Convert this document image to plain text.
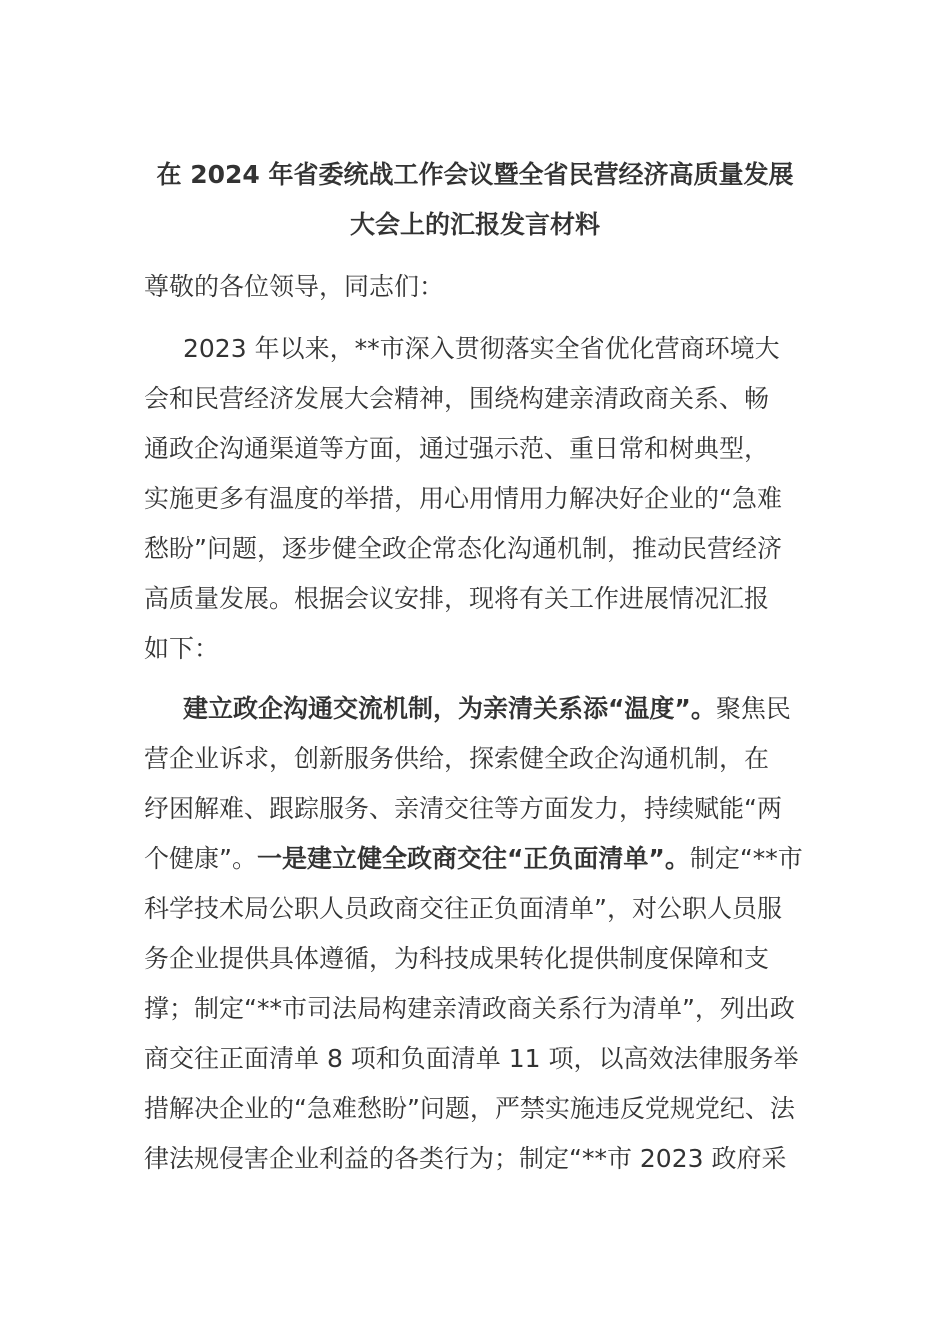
在 2024 年省委统战工作会议暨全省民营经济高质量发展
大会上的汇报发言材料
尊敬的各位领导，同志们：
2023 年以来，**市深入贯彻落实全省优化营商环境大
会和民营经济发展大会精神，围绕构建亲清政商关系、畅
通政企沟通渠道等方面，通过强示范、重日常和树典型，
实施更多有温度的举措，用心用情用力解决好企业的“急难
愁盼”问题，逐步健全政企常态化沟通机制，推动民营经济
高质量发展。根据会议安排，现将有关工作进展情况汇报
如下：
建立政企沟通交流机制，为亲清关系添“温度”。聚焦民
营企业诉求，创新服务供给，探索健全政企沟通机制，在
纾困解难、跟踪服务、亲清交往等方面发力，持续赋能“两
个健康”。一是建立健全政商交往“正负面清单”。制定“**市
科学技术局公职人员政商交往正负面清单”，对公职人员服
务企业提供具体遵循，为科技成果转化提供制度保障和支
撑；制定“**市司法局构建亲清政商关系行为清单”，列出政
商交往正面清单 8 项和负面清单 11 项，以高效法律服务举
措解决企业的“急难愁盼”问题，严禁实施违反党规党纪、法
律法规侵害企业利益的各类行为；制定“**市 2023 政府采
